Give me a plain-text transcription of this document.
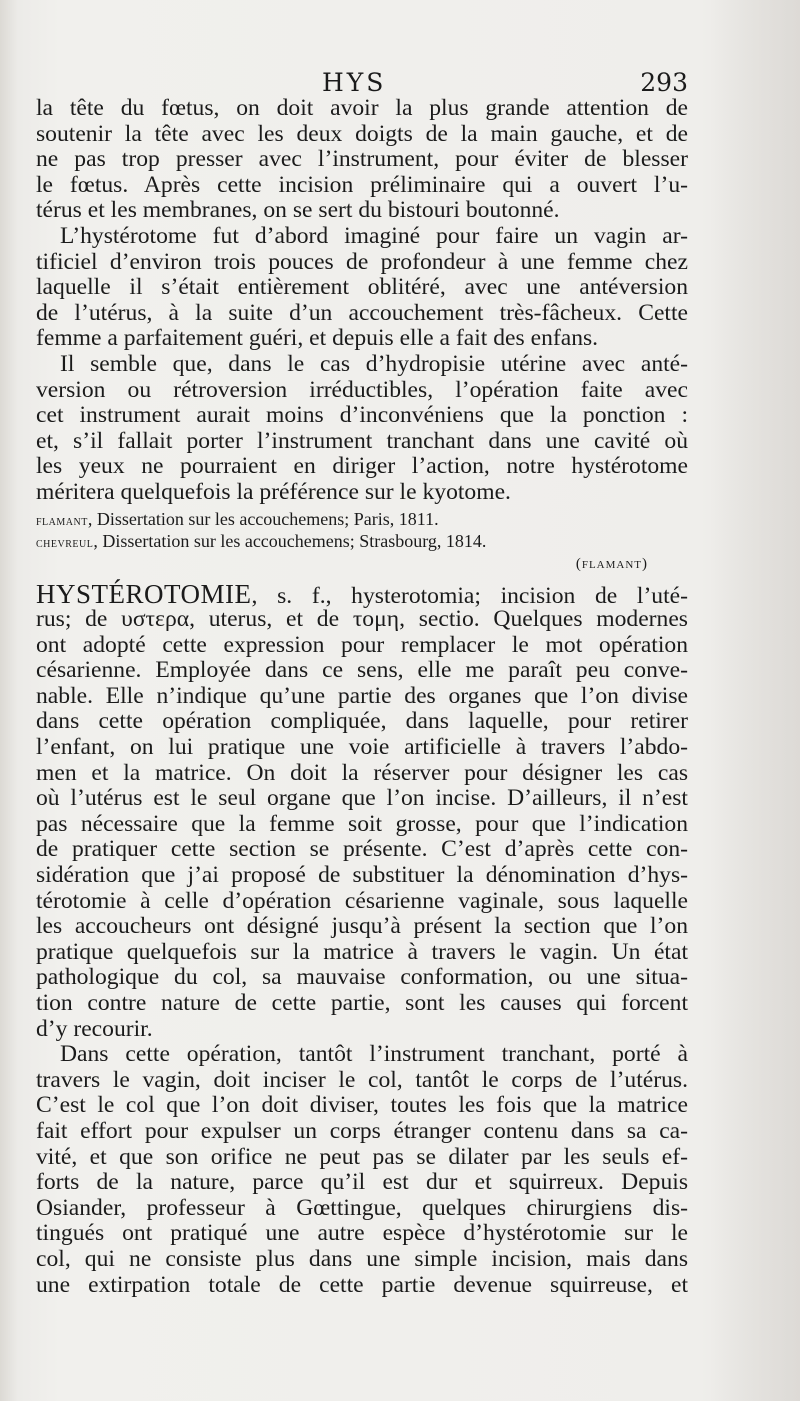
HYS	293
la tête du fœtus, on doit avoir la plus grande attention de
soutenir la tête avec les deux doigts de la main gauche, et de
ne pas trop presser avec l’instrument, pour éviter de blesser
le fœtus. Après cette incision préliminaire qui a ouvert l’u-
térus et les membranes, on se sert du bistouri boutonné.
L’hystérotome fut d’abord imaginé pour faire un vagin ar-
tificiel d’environ trois pouces de profondeur à une femme chez
laquelle il s’était entièrement oblitéré, avec une antéversion
de l’utérus, à la suite d’un accouchement très-fâcheux. Cette
femme a parfaitement guéri, et depuis elle a fait des enfans.
Il semble que, dans le cas d’hydropisie utérine avec anté-
version ou rétroversion irréductibles, l’opération faite avec
cet instrument aurait moins d’inconvéniens que la ponction :
et, s’il fallait porter l’instrument tranchant dans une cavité où
les yeux ne pourraient en diriger l’action, notre hystérotome
méritera quelquefois la préférence sur le kyotome.
flamant, Dissertation sur les accouchemens; Paris, 1811.
chevreul, Dissertation sur les accouchemens; Strasbourg, 1814.
(flamant)
HYSTÉROTOMIE, s. f., hysterotomia; incision de l’uté-
rus; de υστερα, uterus, et de τομη, sectio. Quelques modernes
ont adopté cette expression pour remplacer le mot opération
césarienne. Employée dans ce sens, elle me paraît peu conve-
nable. Elle n’indique qu’une partie des organes que l’on divise
dans cette opération compliquée, dans laquelle, pour retirer
l’enfant, on lui pratique une voie artificielle à travers l’abdo-
men et la matrice. On doit la réserver pour désigner les cas
où l’utérus est le seul organe que l’on incise. D’ailleurs, il n’est
pas nécessaire que la femme soit grosse, pour que l’indication
de pratiquer cette section se présente. C’est d’après cette con-
sidération que j’ai proposé de substituer la dénomination d’hys-
térotomie à celle d’opération césarienne vaginale, sous laquelle
les accoucheurs ont désigné jusqu’à présent la section que l’on
pratique quelquefois sur la matrice à travers le vagin. Un état
pathologique du col, sa mauvaise conformation, ou une situa-
tion contre nature de cette partie, sont les causes qui forcent
d’y recourir.
Dans cette opération, tantôt l’instrument tranchant, porté à
travers le vagin, doit inciser le col, tantôt le corps de l’utérus.
C’est le col que l’on doit diviser, toutes les fois que la matrice
fait effort pour expulser un corps étranger contenu dans sa ca-
vité, et que son orifice ne peut pas se dilater par les seuls ef-
forts de la nature, parce qu’il est dur et squirreux. Depuis
Osiander, professeur à Gœttingue, quelques chirurgiens dis-
tingués ont pratiqué une autre espèce d’hystérotomie sur le
col, qui ne consiste plus dans une simple incision, mais dans
une extirpation totale de cette partie devenue squirreuse, et
